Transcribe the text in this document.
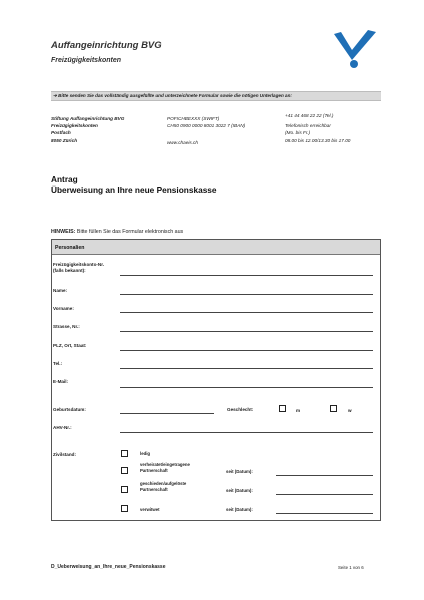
Auffangeinrichtung BVG
Freizügigkeitskonten
➔ Bitte senden Sie das vollständig ausgefüllte und unterzeichnete Formular sowie die nötigen Unterlagen an:
Stiftung Auffangeinrichtung BVG
Freizügigkeitskonten
Postfach
8050 Zürich
POFICHBEXXX (SWIFT)
CH50 0900 0000 8001 3022 7 (IBAN)
www.chaeis.ch
+41 44 468 22 22 (Tel.)
Telefonisch erreichbar
(Mo. bis Fr.)
08.00 bis 12.00/13.30 bis 17.00
Antrag
Überweisung an Ihre neue Pensionskasse
HINWEIS: Bitte füllen Sie das Formular elektronisch aus
Personalien
Freizügigkeitskonto-Nr.
(falls bekannt):
Name:
Vorname:
Strasse, Nr.:
PLZ, Ort, Staat:
Tel.:
E-Mail:
Geburtsdatum:	Geschlecht:	m	w
AHV-Nr.:
Zivilstand:	ledig
verheiratet/eingetragene
Partnerschaft	seit (Datum):
geschieden/aufgelöste
Partnerschaft	seit (Datum):
verwitwet	seit (Datum):
D_Ueberweisung_an_Ihre_neue_Pensionskasse	Seite 1 von 6
